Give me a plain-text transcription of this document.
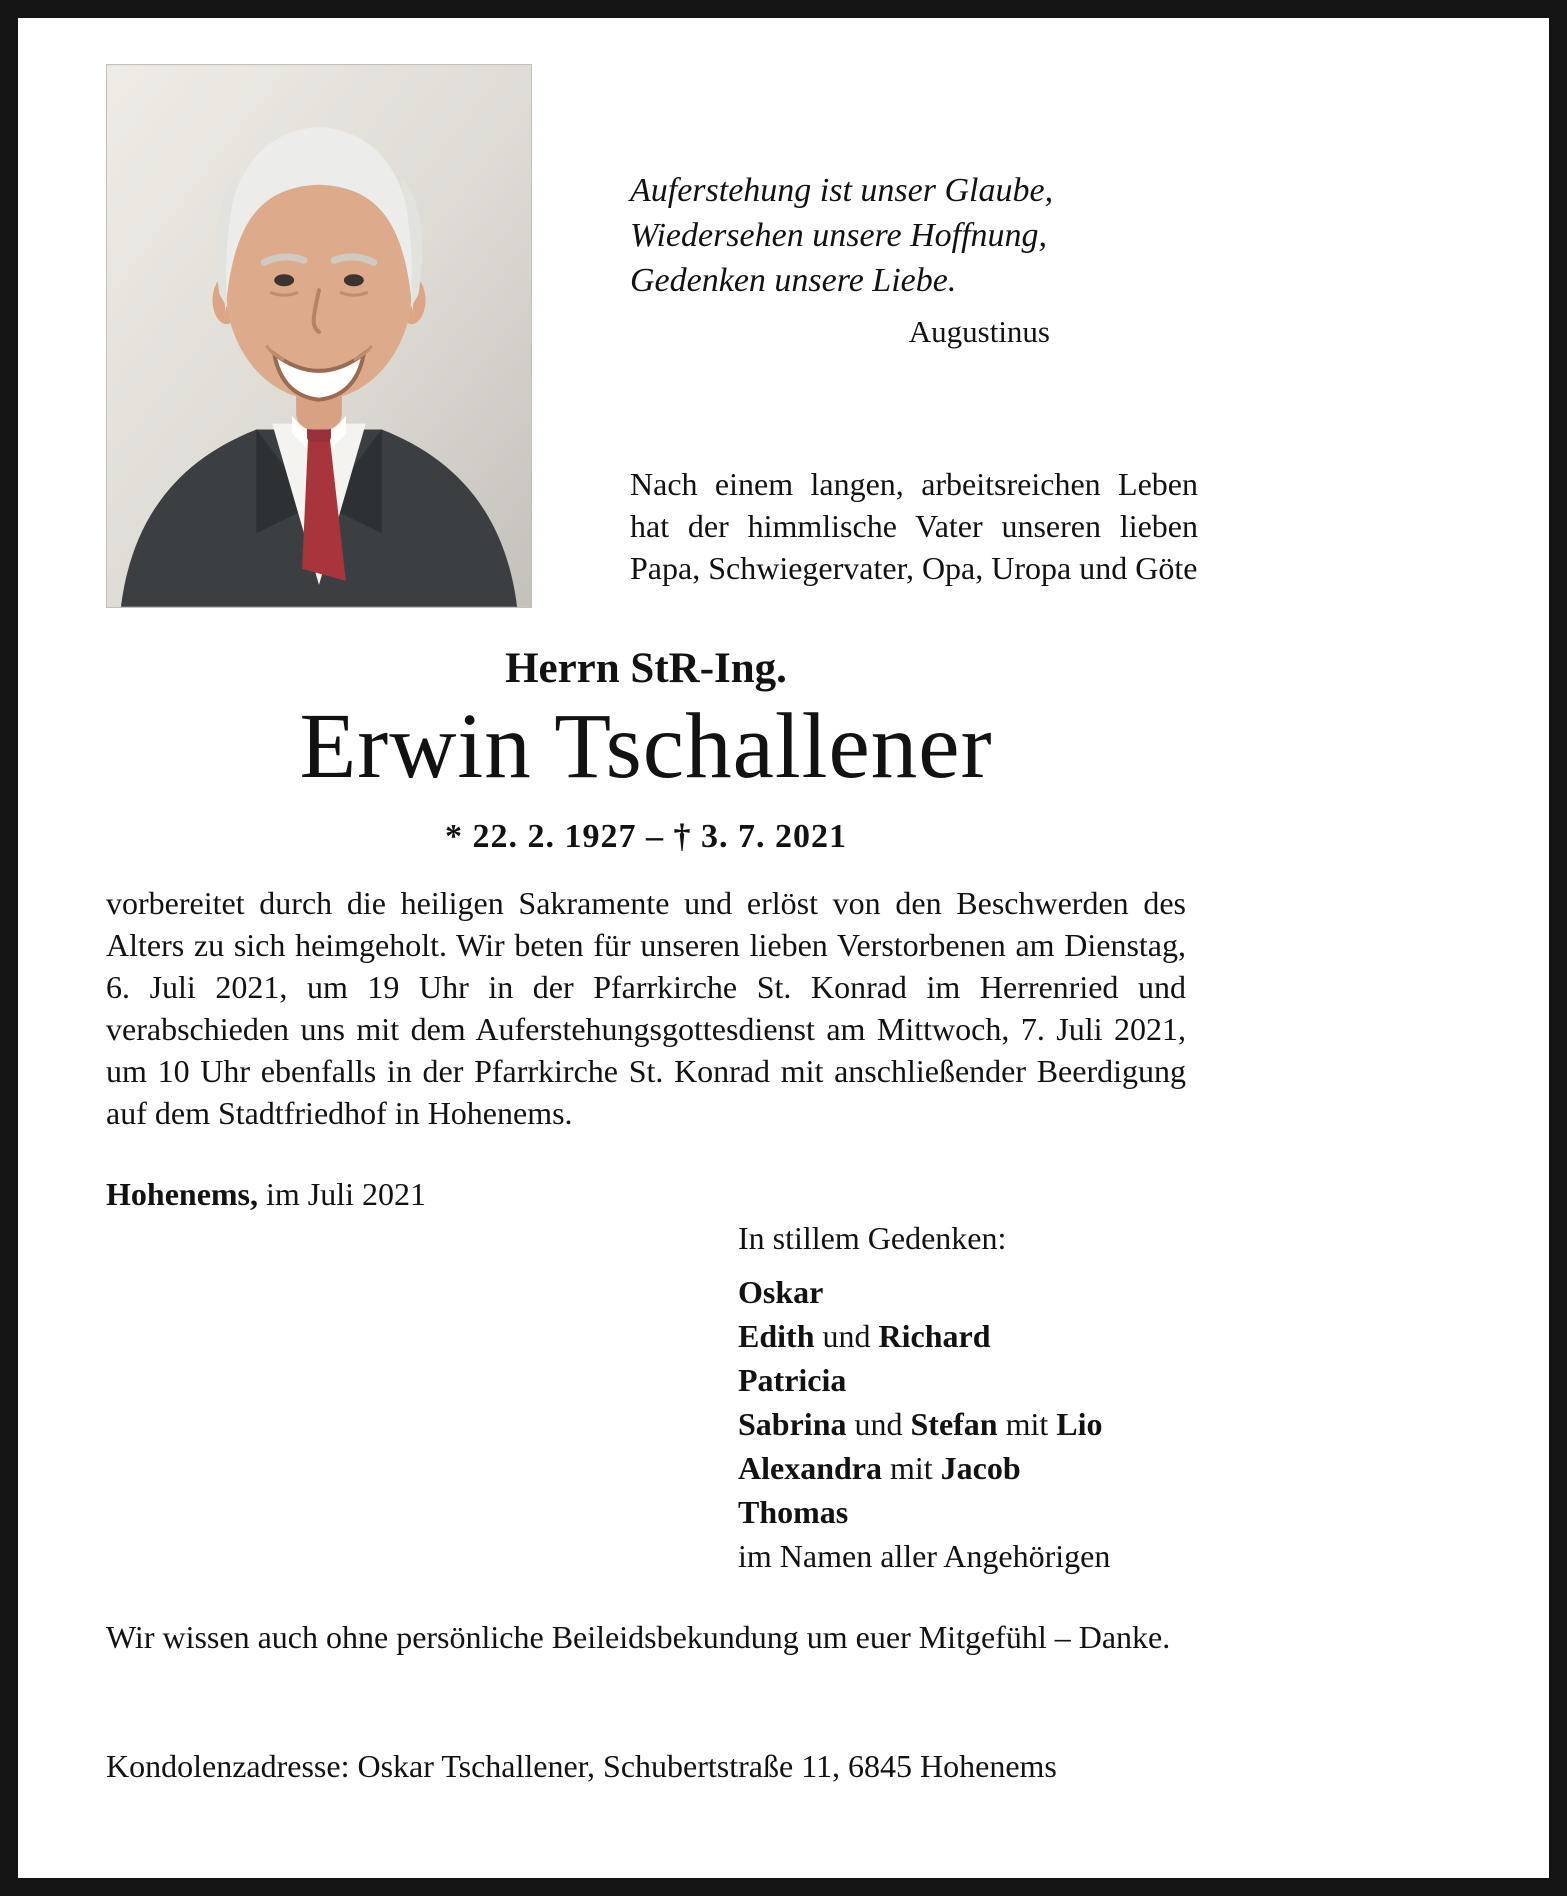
Auferstehung ist unser Glaube,
Wiedersehen unsere Hoffnung,
Gedenken unsere Liebe.
Augustinus
Nach einem langen, arbeitsreichen Leben hat der himmlische Vater unseren lieben Papa, Schwiegervater, Opa, Uropa und Göte
Herrn StR-Ing.
Erwin Tschallener
* 22. 2. 1927 – † 3. 7. 2021
vorbereitet durch die heiligen Sakramente und erlöst von den Beschwerden des Alters zu sich heimgeholt. Wir beten für unseren lieben Verstorbenen am Dienstag, 6. Juli 2021, um 19 Uhr in der Pfarrkirche St. Konrad im Herrenried und verabschieden uns mit dem Auferstehungsgottesdienst am Mittwoch, 7. Juli 2021, um 10 Uhr ebenfalls in der Pfarrkirche St. Konrad mit anschließender Beerdigung auf dem Stadtfriedhof in Hohenems.
Hohenems, im Juli 2021
In stillem Gedenken:
Oskar
Edith und Richard
Patricia
Sabrina und Stefan mit Lio
Alexandra mit Jacob
Thomas
im Namen aller Angehörigen
Wir wissen auch ohne persönliche Beileidsbekundung um euer Mitgefühl – Danke.
Kondolenzadresse: Oskar Tschallener, Schubertstraße 11, 6845 Hohenems
